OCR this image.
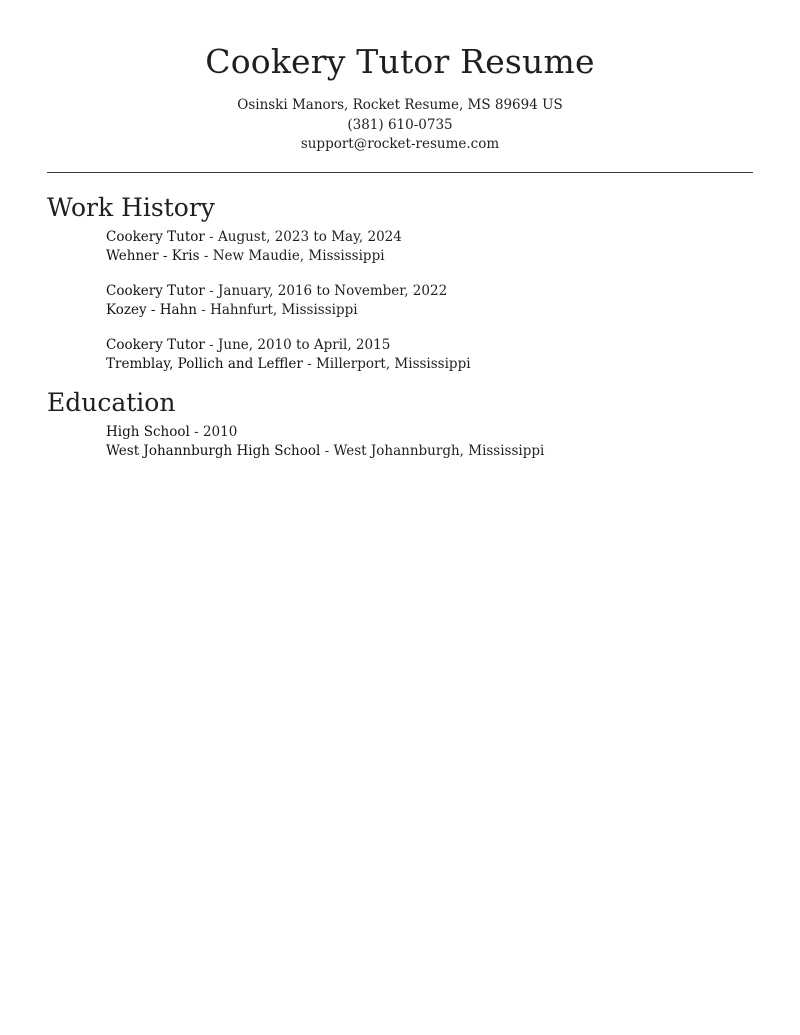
Cookery Tutor Resume
Osinski Manors, Rocket Resume, MS 89694 US
(381) 610-0735
support@rocket-resume.com
Work History
Cookery Tutor - August, 2023 to May, 2024
Wehner - Kris - New Maudie, Mississippi
Cookery Tutor - January, 2016 to November, 2022
Kozey - Hahn - Hahnfurt, Mississippi
Cookery Tutor - June, 2010 to April, 2015
Tremblay, Pollich and Leffler - Millerport, Mississippi
Education
High School - 2010
West Johannburgh High School - West Johannburgh, Mississippi
